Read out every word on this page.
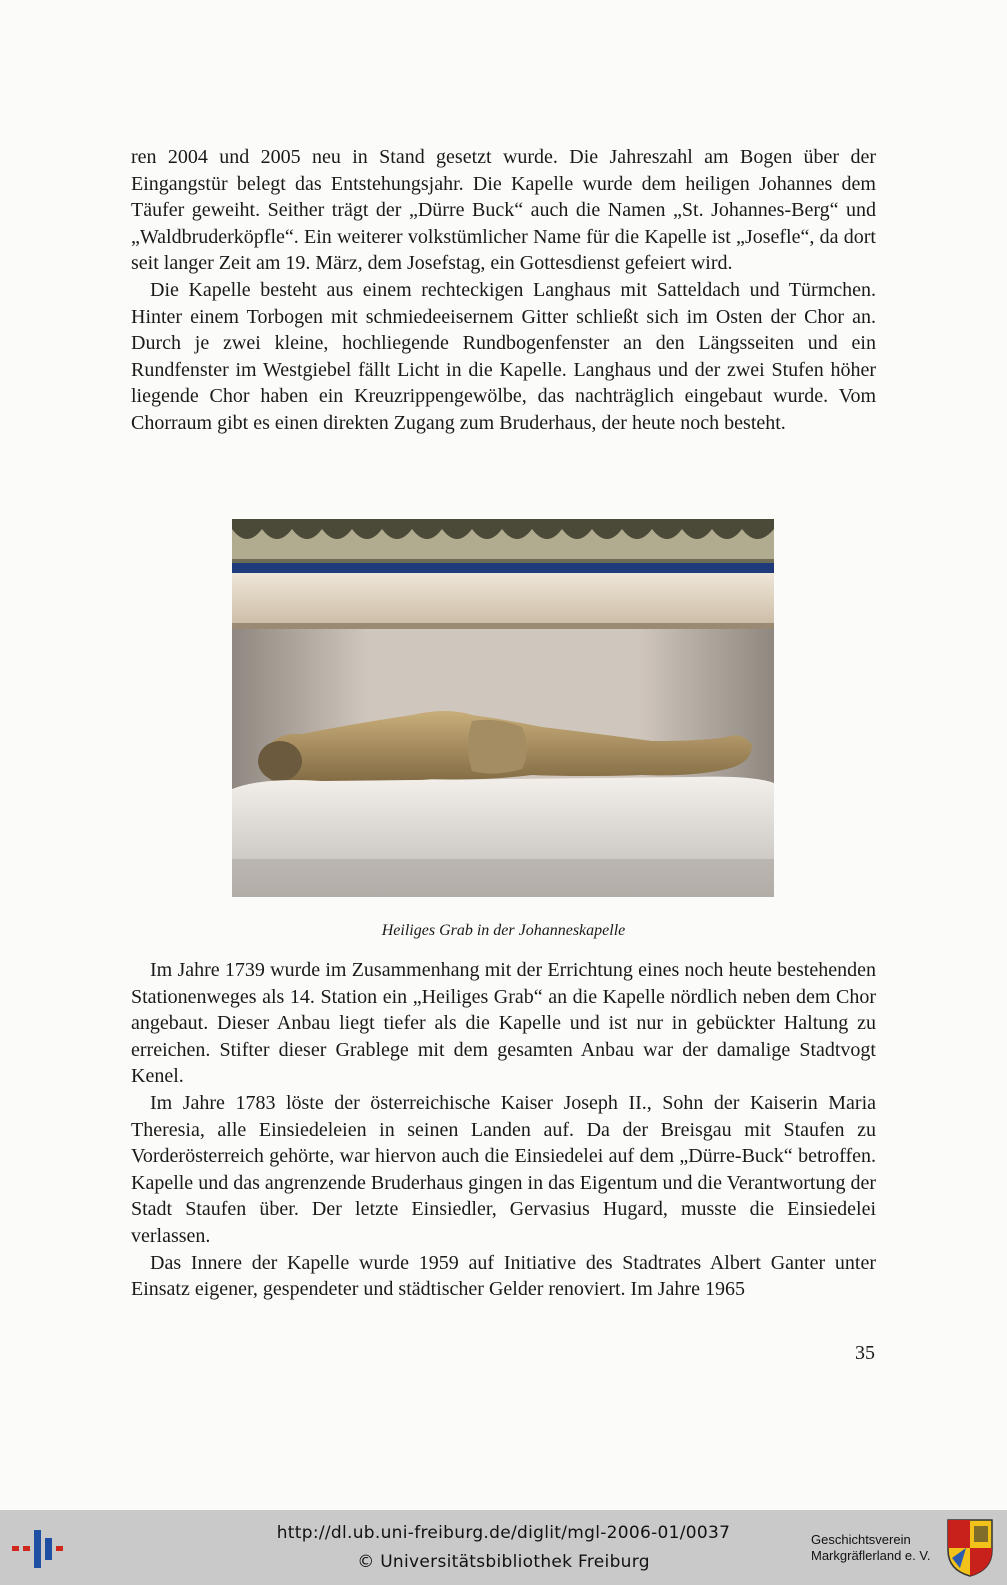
ren 2004 und 2005 neu in Stand gesetzt wurde. Die Jahreszahl am Bogen über der Eingangstür belegt das Entstehungsjahr. Die Kapelle wurde dem heiligen Johannes dem Täufer geweiht. Seither trägt der „Dürre Buck“ auch die Namen „St. Johannes-Berg“ und „Waldbruderköpfle“. Ein weiterer volkstümlicher Name für die Kapelle ist „Josefle“, da dort seit langer Zeit am 19. März, dem Josefstag, ein Gottesdienst gefeiert wird.

Die Kapelle besteht aus einem rechteckigen Langhaus mit Satteldach und Türmchen. Hinter einem Torbogen mit schmiedeeisernem Gitter schließt sich im Osten der Chor an. Durch je zwei kleine, hochliegende Rundbogenfenster an den Längsseiten und ein Rundfenster im Westgiebel fällt Licht in die Kapelle. Langhaus und der zwei Stufen höher liegende Chor haben ein Kreuzrippengewölbe, das nachträglich eingebaut wurde. Vom Chorraum gibt es einen direkten Zugang zum Bruderhaus, der heute noch besteht.

Heiliges Grab in der Johanneskapelle

Im Jahre 1739 wurde im Zusammenhang mit der Errichtung eines noch heute bestehenden Stationenweges als 14. Station ein „Heiliges Grab“ an die Kapelle nördlich neben dem Chor angebaut. Dieser Anbau liegt tiefer als die Kapelle und ist nur in gebückter Haltung zu erreichen. Stifter dieser Grablege mit dem gesamten Anbau war der damalige Stadtvogt Kenel.

Im Jahre 1783 löste der österreichische Kaiser Joseph II., Sohn der Kaiserin Maria Theresia, alle Einsiedeleien in seinen Landen auf. Da der Breisgau mit Staufen zu Vorderösterreich gehörte, war hiervon auch die Einsiedelei auf dem „Dürre-Buck“ betroffen. Kapelle und das angrenzende Bruderhaus gingen in das Eigentum und die Verantwortung der Stadt Staufen über. Der letzte Einsiedler, Gervasius Hugard, musste die Einsiedelei verlassen.

Das Innere der Kapelle wurde 1959 auf Initiative des Stadtrates Albert Ganter unter Einsatz eigener, gespendeter und städtischer Gelder renoviert. Im Jahre 1965

35
http://dl.ub.uni-freiburg.de/diglit/mgl-2006-01/0037
© Universitätsbibliothek Freiburg
Geschichtsverein
Markgräflerland e. V.
